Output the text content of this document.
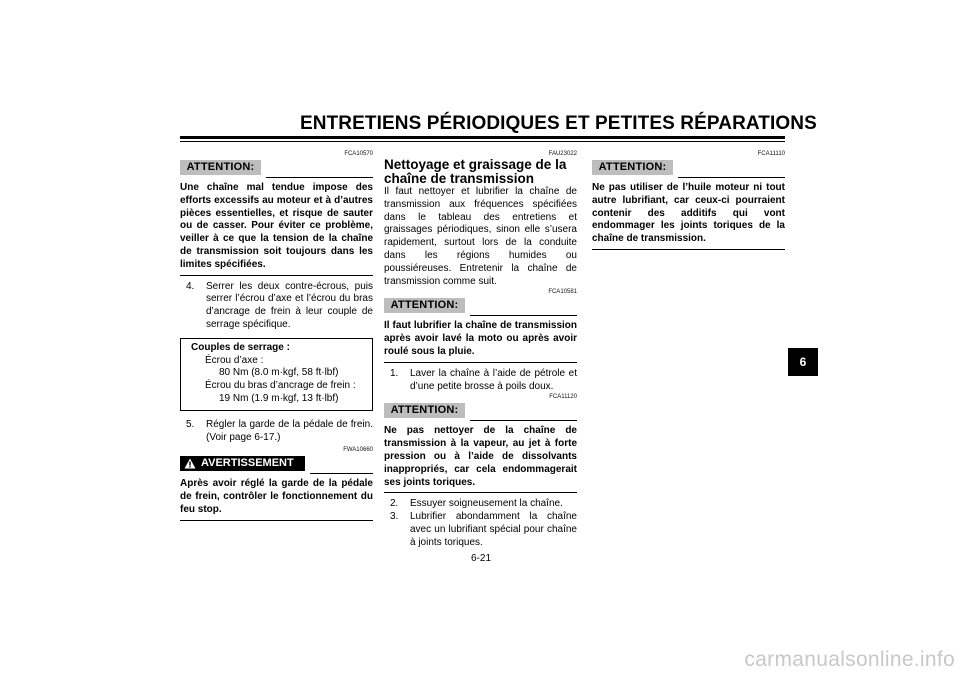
ENTRETIENS PÉRIODIQUES ET PETITES RÉPARATIONS
FCA10570
ATTENTION:
Une chaîne mal tendue impose des efforts excessifs au moteur et à d’autres pièces essentielles, et risque de sauter ou de casser. Pour éviter ce problème, veiller à ce que la tension de la chaîne de transmission soit toujours dans les limites spécifiées.
4.	Serrer les deux contre-écrous, puis serrer l’écrou d’axe et l’écrou du bras d’ancrage de frein à leur couple de serrage spécifique.
Couples de serrage :
Écrou d’axe :
80 Nm (8.0 m·kgf, 58 ft·lbf)
Écrou du bras d’ancrage de frein :
19 Nm (1.9 m·kgf, 13 ft·lbf)
5.	Régler la garde de la pédale de frein. (Voir page 6-17.)
FWA10660
AVERTISSEMENT
Après avoir réglé la garde de la pédale de frein, contrôler le fonctionnement du feu stop.
FAU23022
Nettoyage et graissage de la chaîne de transmission
Il faut nettoyer et lubrifier la chaîne de transmission aux fréquences spécifiées dans le tableau des entretiens et graissages périodiques, sinon elle s’usera rapidement, surtout lors de la conduite dans les régions humides ou poussiéreuses. Entretenir la chaîne de transmission comme suit.
FCA10581
ATTENTION:
Il faut lubrifier la chaîne de transmission après avoir lavé la moto ou après avoir roulé sous la pluie.
1.	Laver la chaîne à l’aide de pétrole et d’une petite brosse à poils doux.
FCA11120
ATTENTION:
Ne pas nettoyer de la chaîne de transmission à la vapeur, au jet à forte pression ou à l’aide de dissolvants inappropriés, car cela endommagerait ses joints toriques.
2.	Essuyer soigneusement la chaîne.
3.	Lubrifier abondamment la chaîne avec un lubrifiant spécial pour chaîne à joints toriques.
FCA11110
ATTENTION:
Ne pas utiliser de l’huile moteur ni tout autre lubrifiant, car ceux-ci pourraient contenir des additifs qui vont endommager les joints toriques de la chaîne de transmission.
6
6-21
carmanualsonline.info
